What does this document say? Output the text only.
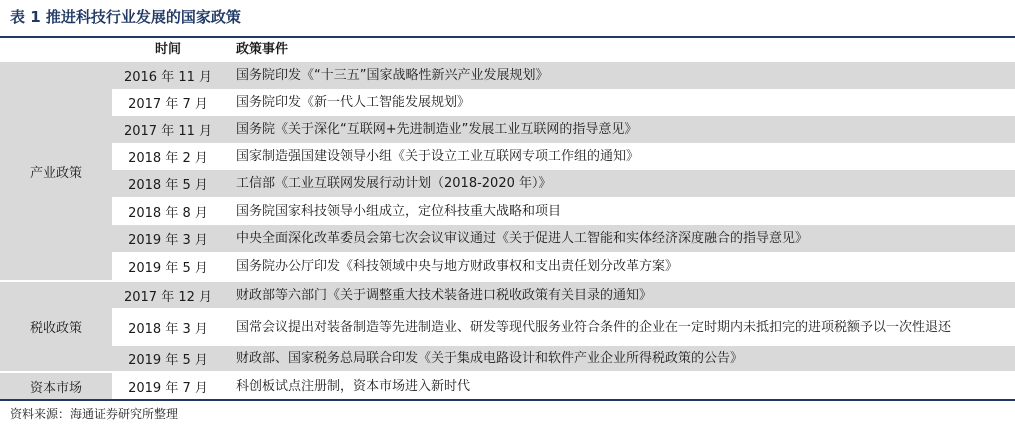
表 1 推进科技行业发展的国家政策
时间	政策事件
产业政策
2016 年 11 月	国务院印发《“十三五”国家战略性新兴产业发展规划》
2017 年 7 月	国务院印发《新一代人工智能发展规划》
2017 年 11 月	国务院《关于深化“互联网+先进制造业”发展工业互联网的指导意见》
2018 年 2 月	国家制造强国建设领导小组《关于设立工业互联网专项工作组的通知》
2018 年 5 月	工信部《工业互联网发展行动计划（2018-2020 年）》
2018 年 8 月	国务院国家科技领导小组成立，定位科技重大战略和项目
2019 年 3 月	中央全面深化改革委员会第七次会议审议通过《关于促进人工智能和实体经济深度融合的指导意见》
2019 年 5 月	国务院办公厅印发《科技领域中央与地方财政事权和支出责任划分改革方案》
税收政策
2017 年 12 月	财政部等六部门《关于调整重大技术装备进口税收政策有关目录的通知》
2018 年 3 月	国常会议提出对装备制造等先进制造业、研发等现代服务业符合条件的企业在一定时期内未抵扣完的进项税额予以一次性退还
2019 年 5 月	财政部、国家税务总局联合印发《关于集成电路设计和软件产业企业所得税政策的公告》
资本市场	2019 年 7 月	科创板试点注册制，资本市场进入新时代
资料来源：海通证券研究所整理
